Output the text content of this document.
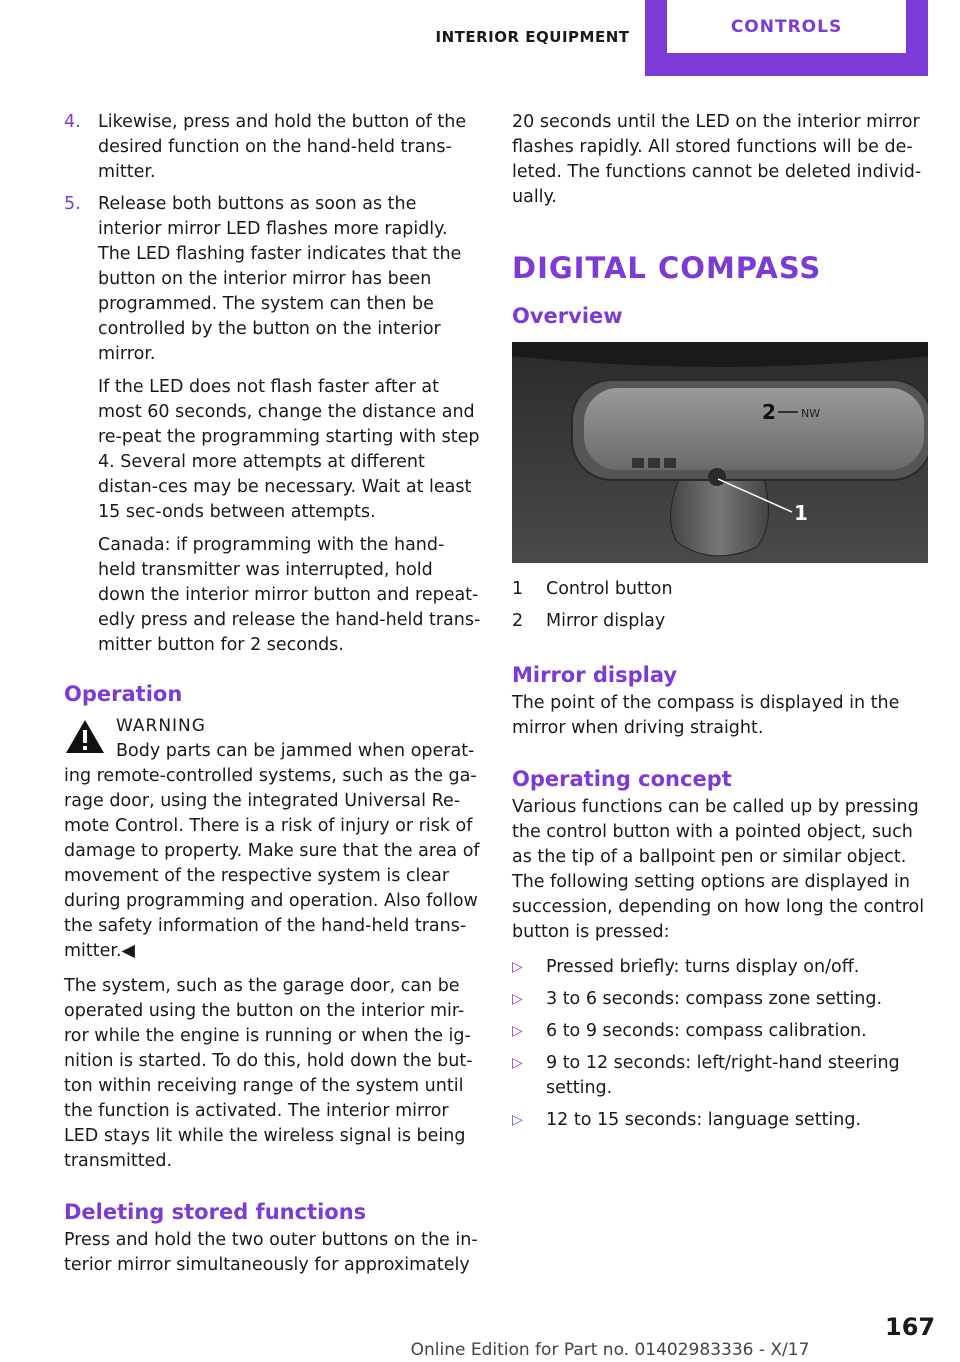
INTERIOR EQUIPMENT
CONTROLS
4. Likewise, press and hold the button of the desired function on the hand-held trans-mitter.

5. Release both buttons as soon as the interior mirror LED flashes more rapidly. The LED flashing faster indicates that the button on the interior mirror has been programmed. The system can then be controlled by the button on the interior mirror.

If the LED does not flash faster after at most 60 seconds, change the distance and re-peat the programming starting with step 4. Several more attempts at different distan-ces may be necessary. Wait at least 15 sec-onds between attempts.

Canada: if programming with the hand-held transmitter was interrupted, hold down the interior mirror button and repeat-edly press and release the hand-held trans-mitter button for 2 seconds.

Operation
WARNING

Body parts can be jammed when operat-

ing remote-controlled systems, such as the ga-rage door, using the integrated Universal Re-mote Control. There is a risk of injury or risk of damage to property. Make sure that the area of movement of the respective system is clear during programming and operation. Also follow the safety information of the hand-held trans-mitter.◀

The system, such as the garage door, can be operated using the button on the interior mir-ror while the engine is running or when the ig-nition is started. To do this, hold down the but-ton within receiving range of the system until the function is activated. The interior mirror LED stays lit while the wireless signal is being transmitted.

Deleting stored functions

Press and hold the two outer buttons on the in-terior mirror simultaneously for approximately

20 seconds until the LED on the interior mirror flashes rapidly. All stored functions will be de-leted. The functions cannot be deleted individ-ually.

DIGITAL COMPASS
Overview
2 NW
1
1	Control button
2	Mirror display
Mirror display

The point of the compass is displayed in the mirror when driving straight.

Operating concept

Various functions can be called up by pressing the control button with a pointed object, such as the tip of a ballpoint pen or similar object. The following setting options are displayed in succession, depending on how long the control button is pressed:

▷	Pressed briefly: turns display on/off.
▷	3 to 6 seconds: compass zone setting.
▷	6 to 9 seconds: compass calibration.
▷	9 to 12 seconds: left/right-hand steering setting.
▷	12 to 15 seconds: language setting.
167
Online Edition for Part no. 01402983336 - X/17
